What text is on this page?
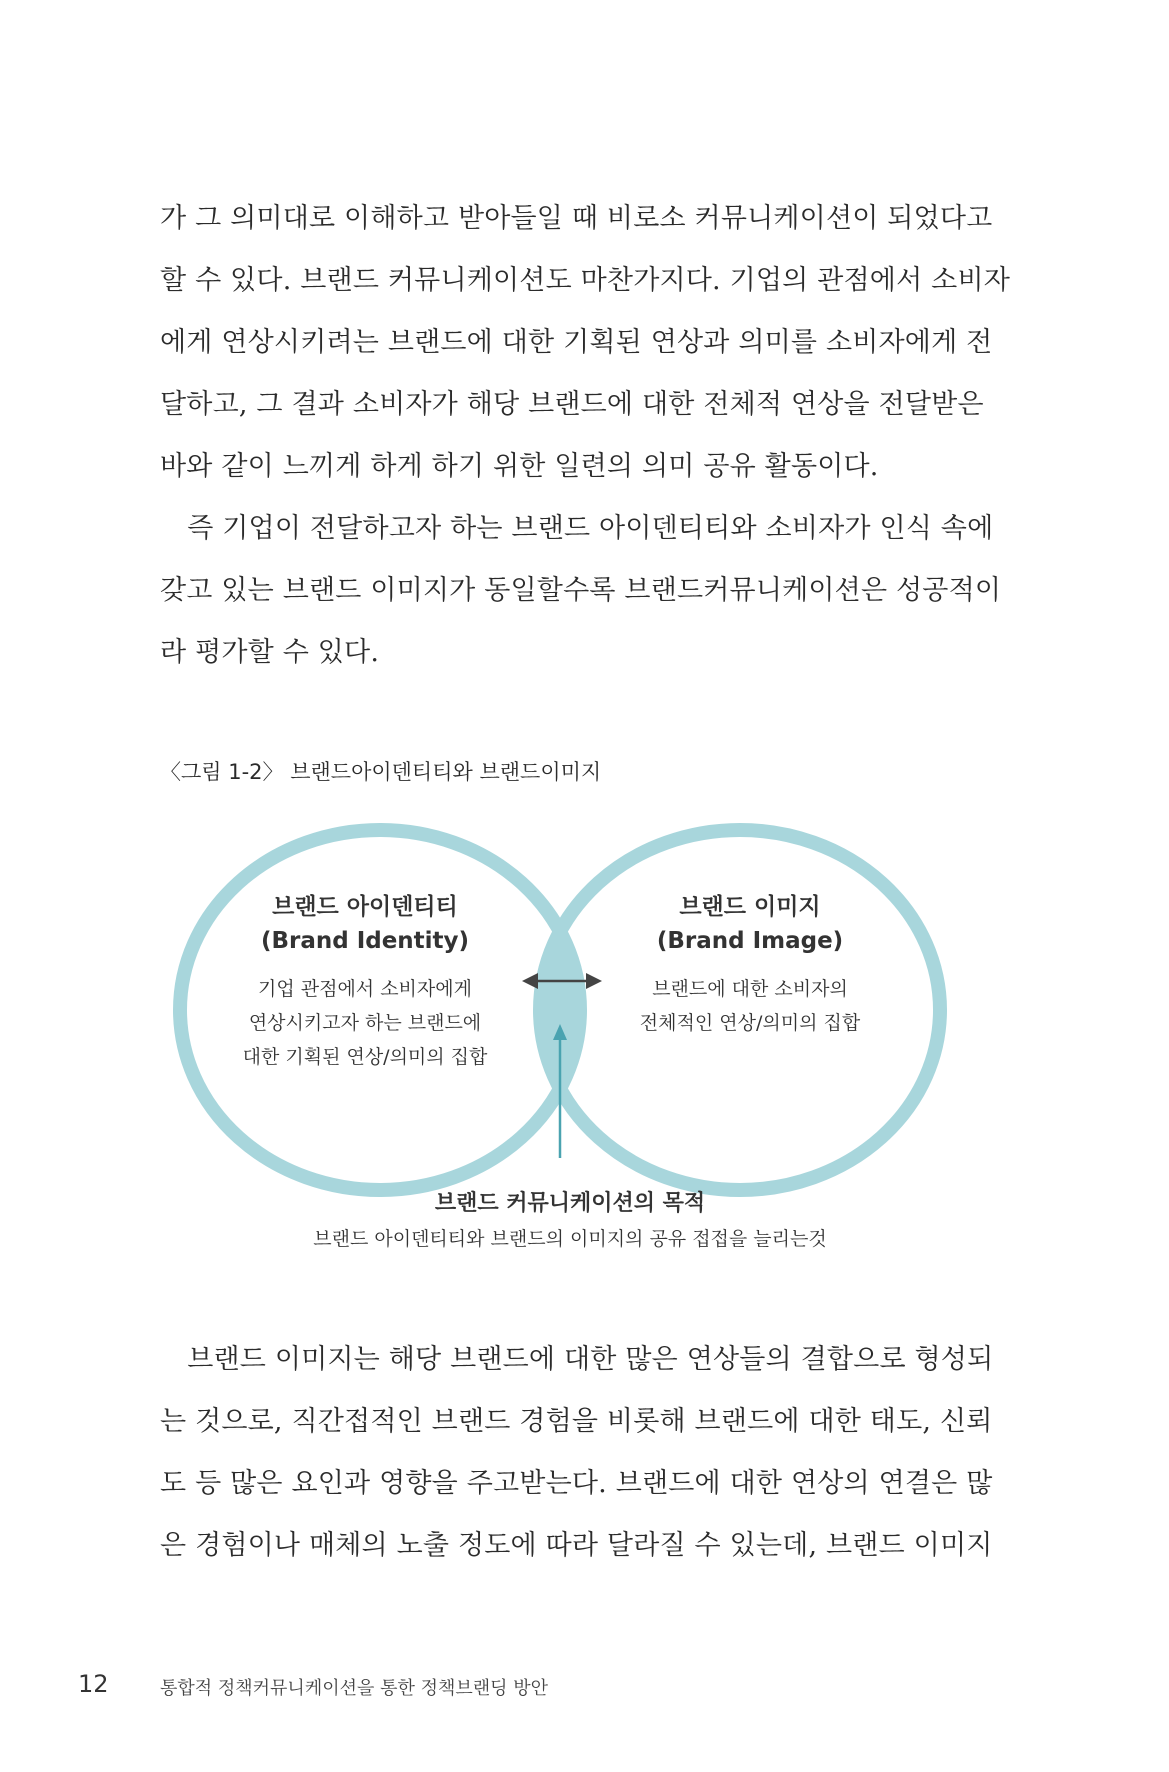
가 그 의미대로 이해하고 받아들일 때 비로소 커뮤니케이션이 되었다고

할 수 있다. 브랜드 커뮤니케이션도 마찬가지다. 기업의 관점에서 소비자

에게 연상시키려는 브랜드에 대한 기획된 연상과 의미를 소비자에게 전

달하고, 그 결과 소비자가 해당 브랜드에 대한 전체적 연상을 전달받은

바와 같이 느끼게 하게 하기 위한 일련의 의미 공유 활동이다.

　즉 기업이 전달하고자 하는 브랜드 아이덴티티와 소비자가 인식 속에

갖고 있는 브랜드 이미지가 동일할수록 브랜드커뮤니케이션은 성공적이

라 평가할 수 있다.

〈그림 1-2〉 브랜드아이덴티티와 브랜드이미지
브랜드 아이덴티티
(Brand Identity)
기업 관점에서 소비자에게
연상시키고자 하는 브랜드에
대한 기획된 연상/의미의 집합
브랜드 이미지
(Brand Image)
브랜드에 대한 소비자의
전체적인 연상/의미의 집합
브랜드 커뮤니케이션의 목적
브랜드 아이덴티티와 브랜드의 이미지의 공유 접접을 늘리는것

　브랜드 이미지는 해당 브랜드에 대한 많은 연상들의 결합으로 형성되

는 것으로, 직간접적인 브랜드 경험을 비롯해 브랜드에 대한 태도, 신뢰

도 등 많은 요인과 영향을 주고받는다. 브랜드에 대한 연상의 연결은 많

은 경험이나 매체의 노출 정도에 따라 달라질 수 있는데, 브랜드 이미지

12	통합적 정책커뮤니케이션을 통한 정책브랜딩 방안
